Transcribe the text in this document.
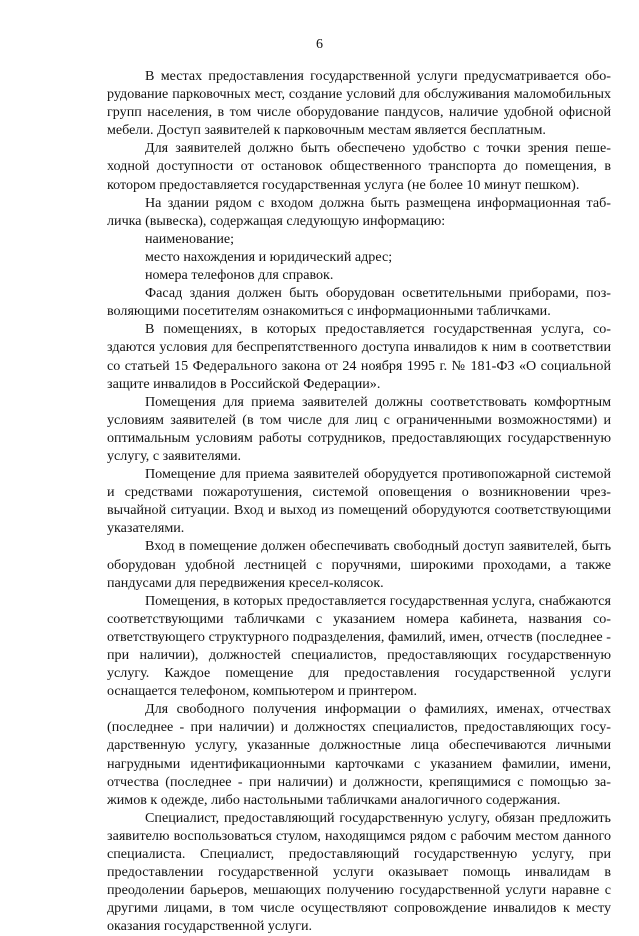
6

В местах предоставления государственной услуги предусматривается оборудование парковочных мест, создание условий для обслуживания маломобильных групп населения, в том числе оборудование пандусов, наличие удобной офисной мебели. Доступ заявителей к парковочным местам является бесплатным.

Для заявителей должно быть обеспечено удобство с точки зрения пешеходной доступности от остановок общественного транспорта до помещения, в котором предоставляется государственная услуга (не более 10 минут пешком).

На здании рядом с входом должна быть размещена информационная табличка (вывеска), содержащая следующую информацию:

наименование;

место нахождения и юридический адрес;

номера телефонов для справок.

Фасад здания должен быть оборудован осветительными приборами, позволяющими посетителям ознакомиться с информационными табличками.

В помещениях, в которых предоставляется государственная услуга, создаются условия для беспрепятственного доступа инвалидов к ним в соответствии со статьей 15 Федерального закона от 24 ноября 1995 г. № 181-ФЗ «О социальной защите инвалидов в Российской Федерации».

Помещения для приема заявителей должны соответствовать комфортным условиям заявителей (в том числе для лиц с ограниченными возможностями) и оптимальным условиям работы сотрудников, предоставляющих государственную услугу, с заявителями.

Помещение для приема заявителей оборудуется противопожарной системой и средствами пожаротушения, системой оповещения о возникновении чрезвычайной ситуации. Вход и выход из помещений оборудуются соответствующими указателями.

Вход в помещение должен обеспечивать свободный доступ заявителей, быть оборудован удобной лестницей с поручнями, широкими проходами, а также пандусами для передвижения кресел-колясок.

Помещения, в которых предоставляется государственная услуга, снабжаются соответствующими табличками с указанием номера кабинета, названия соответствующего структурного подразделения, фамилий, имен, отчеств (последнее - при наличии), должностей специалистов, предоставляющих государственную услугу. Каждое помещение для предоставления государственной услуги оснащается телефоном, компьютером и принтером.

Для свободного получения информации о фамилиях, именах, отчествах (последнее - при наличии) и должностях специалистов, предоставляющих государственную услугу, указанные должностные лица обеспечиваются личными нагрудными идентификационными карточками с указанием фамилии, имени, отчества (последнее - при наличии) и должности, крепящимися с помощью зажимов к одежде, либо настольными табличками аналогичного содержания.

Специалист, предоставляющий государственную услугу, обязан предложить заявителю воспользоваться стулом, находящимся рядом с рабочим местом данного специалиста. Специалист, предоставляющий государственную услугу, при предоставлении государственной услуги оказывает помощь инвалидам в преодолении барьеров, мешающих получению государственной услуги наравне с другими лицами, в том числе осуществляют сопровождение инвалидов к месту оказания государственной услуги.
